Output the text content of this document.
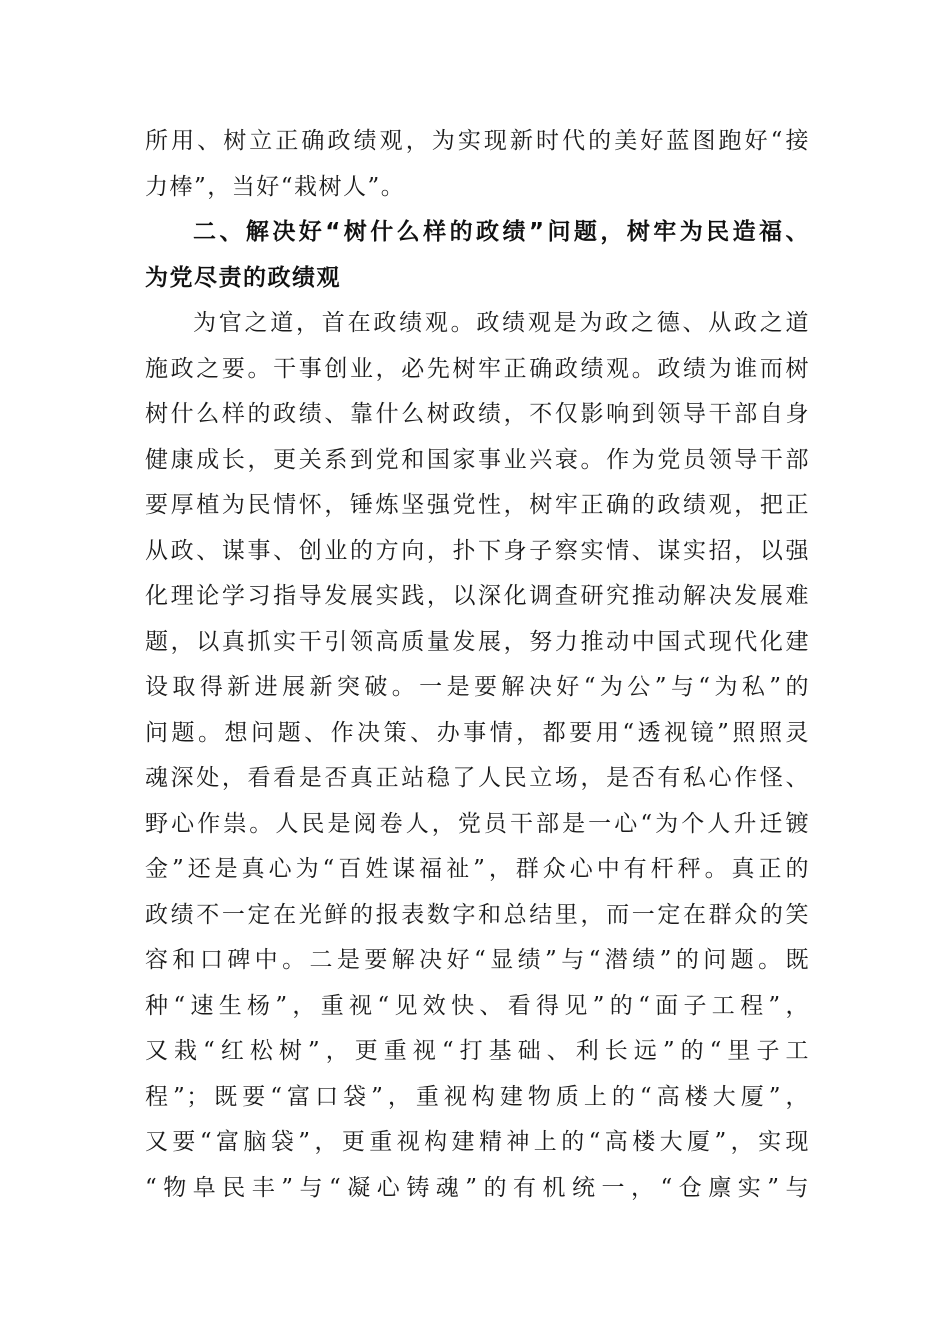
所用、树立正确政绩观，为实现新时代的美好蓝图跑好“接
力棒”，当好“栽树人”。
二、解决好“树什么样的政绩”问题，树牢为民造福、
为党尽责的政绩观
为官之道，首在政绩观。政绩观是为政之德、从政之道
施政之要。干事创业，必先树牢正确政绩观。政绩为谁而树
树什么样的政绩、靠什么树政绩，不仅影响到领导干部自身
健康成长，更关系到党和国家事业兴衰。作为党员领导干部
要厚植为民情怀，锤炼坚强党性，树牢正确的政绩观，把正
从政、谋事、创业的方向，扑下身子察实情、谋实招，以强
化理论学习指导发展实践，以深化调查研究推动解决发展难
题，以真抓实干引领高质量发展，努力推动中国式现代化建
设取得新进展新突破。一是要解决好“为公”与“为私”的
问题。想问题、作决策、办事情，都要用“透视镜”照照灵
魂深处，看看是否真正站稳了人民立场，是否有私心作怪、
野心作祟。人民是阅卷人，党员干部是一心“为个人升迁镀
金”还是真心为“百姓谋福祉”，群众心中有杆秤。真正的
政绩不一定在光鲜的报表数字和总结里，而一定在群众的笑
容和口碑中。二是要解决好“显绩”与“潜绩”的问题。既
种“速生杨”，重视“见效快、看得见”的“面子工程”，
又栽“红松树”，更重视“打基础、利长远”的“里子工
程”；既要“富口袋”，重视构建物质上的“高楼大厦”，
又要“富脑袋”，更重视构建精神上的“高楼大厦”，实现
“物阜民丰”与“凝心铸魂”的有机统一，“仓廪实”与
